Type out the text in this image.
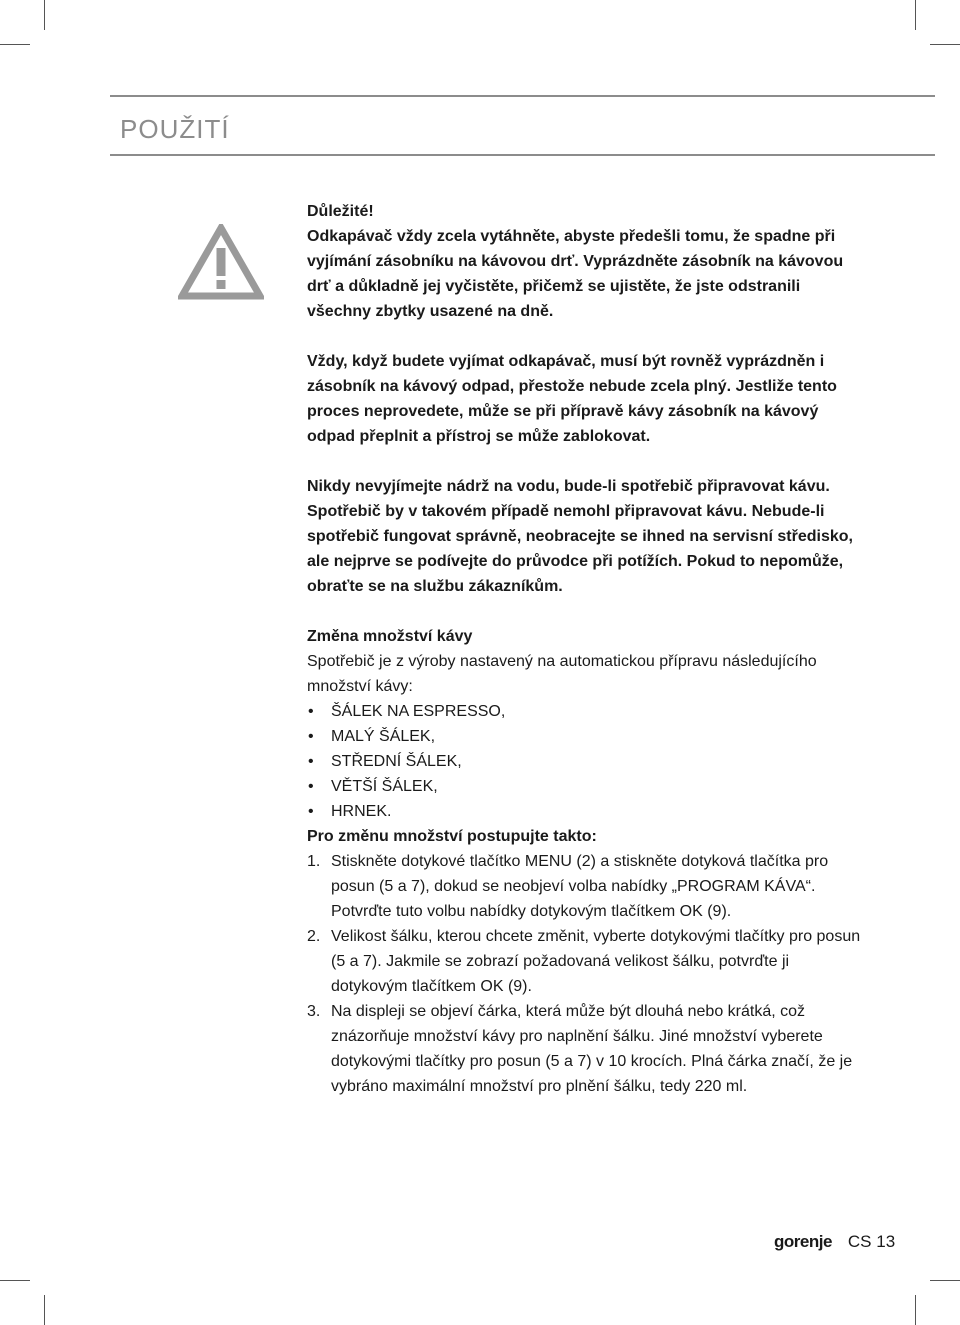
POUŽITÍ

Důležité!

Odkapávač vždy zcela vytáhněte, abyste předešli tomu, že spadne při vyjímání zásobníku na kávovou drť. Vyprázdněte zásobník na kávovou drť a důkladně jej vyčistěte, přičemž se ujistěte, že jste odstranili všechny zbytky usazené na dně.

Vždy, když budete vyjímat odkapávač, musí být rovněž vyprázdněn i zásobník na kávový odpad, přestože nebude zcela plný. Jestliže tento proces neprovedete, může se při přípravě kávy zásobník na kávový odpad přeplnit a přístroj se může zablokovat.

Nikdy nevyjímejte nádrž na vodu, bude-li spotřebič připravovat kávu. Spotřebič by v takovém případě nemohl připravovat kávu. Nebude-li spotřebič fungovat správně, neobracejte se ihned na servisní středisko, ale nejprve se podívejte do průvodce při potížích. Pokud to nepomůže, obraťte se na službu zákazníkům.

Změna množství kávy

Spotřebič je z výroby nastavený na automatickou přípravu následujícího množství kávy:

• ŠÁLEK NA ESPRESSO,
• MALÝ ŠÁLEK,
• STŘEDNÍ ŠÁLEK,
• VĚTŠÍ ŠÁLEK,
• HRNEK.

Pro změnu množství postupujte takto:

1. Stiskněte dotykové tlačítko MENU (2) a stiskněte dotyková tlačítka pro posun (5 a 7), dokud se neobjeví volba nabídky „PROGRAM KÁVA“. Potvrďte tuto volbu nabídky dotykovým tlačítkem OK (9).
2. Velikost šálku, kterou chcete změnit, vyberte dotykovými tlačítky pro posun (5 a 7). Jakmile se zobrazí požadovaná velikost šálku, potvrďte ji dotykovým tlačítkem OK (9).
3. Na displeji se objeví čárka, která může být dlouhá nebo krátká, což znázorňuje množství kávy pro naplnění šálku. Jiné množství vyberete dotykovými tlačítky pro posun (5 a 7) v 10 krocích. Plná čárka značí, že je vybráno maximální množství pro plnění šálku, tedy 220 ml.
gorenje CS 13
